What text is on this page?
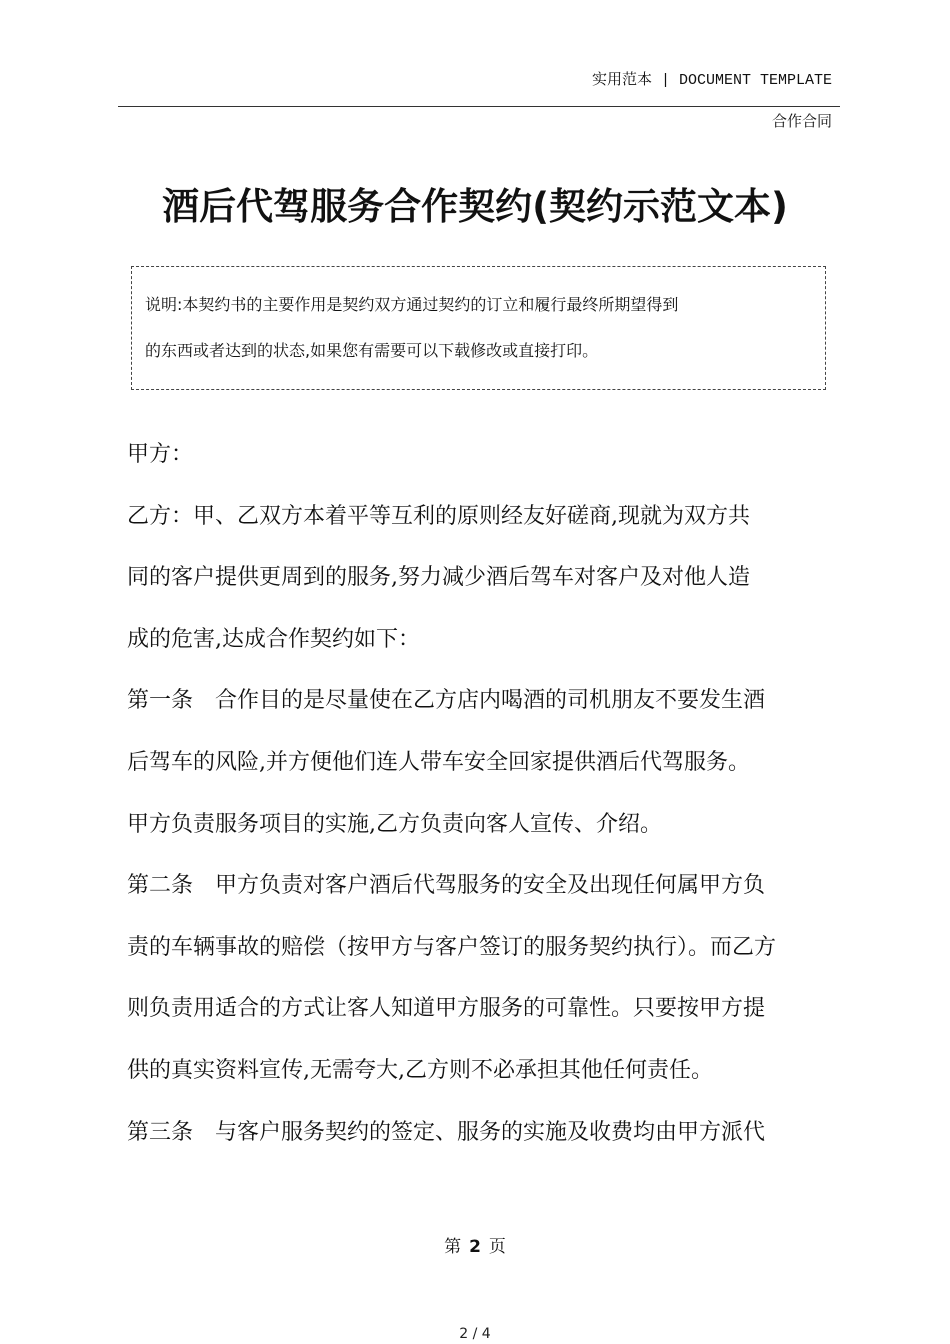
实用范本 | DOCUMENT TEMPLATE
合作合同
酒后代驾服务合作契约(契约示范文本)

说明:本契约书的主要作用是契约双方通过契约的订立和履行最终所期望得到

的东西或者达到的状态,如果您有需要可以下载修改或直接打印。

甲方：

乙方：甲、乙双方本着平等互利的原则经友好磋商,现就为双方共

同的客户提供更周到的服务,努力减少酒后驾车对客户及对他人造

成的危害,达成合作契约如下：

第一条　合作目的是尽量使在乙方店内喝酒的司机朋友不要发生酒

后驾车的风险,并方便他们连人带车安全回家提供酒后代驾服务。

甲方负责服务项目的实施,乙方负责向客人宣传、介绍。

第二条　甲方负责对客户酒后代驾服务的安全及出现任何属甲方负

责的车辆事故的赔偿（按甲方与客户签订的服务契约执行）。而乙方

则负责用适合的方式让客人知道甲方服务的可靠性。只要按甲方提

供的真实资料宣传,无需夸大,乙方则不必承担其他任何责任。

第三条　与客户服务契约的签定、服务的实施及收费均由甲方派代

第 2 页
2 / 4
